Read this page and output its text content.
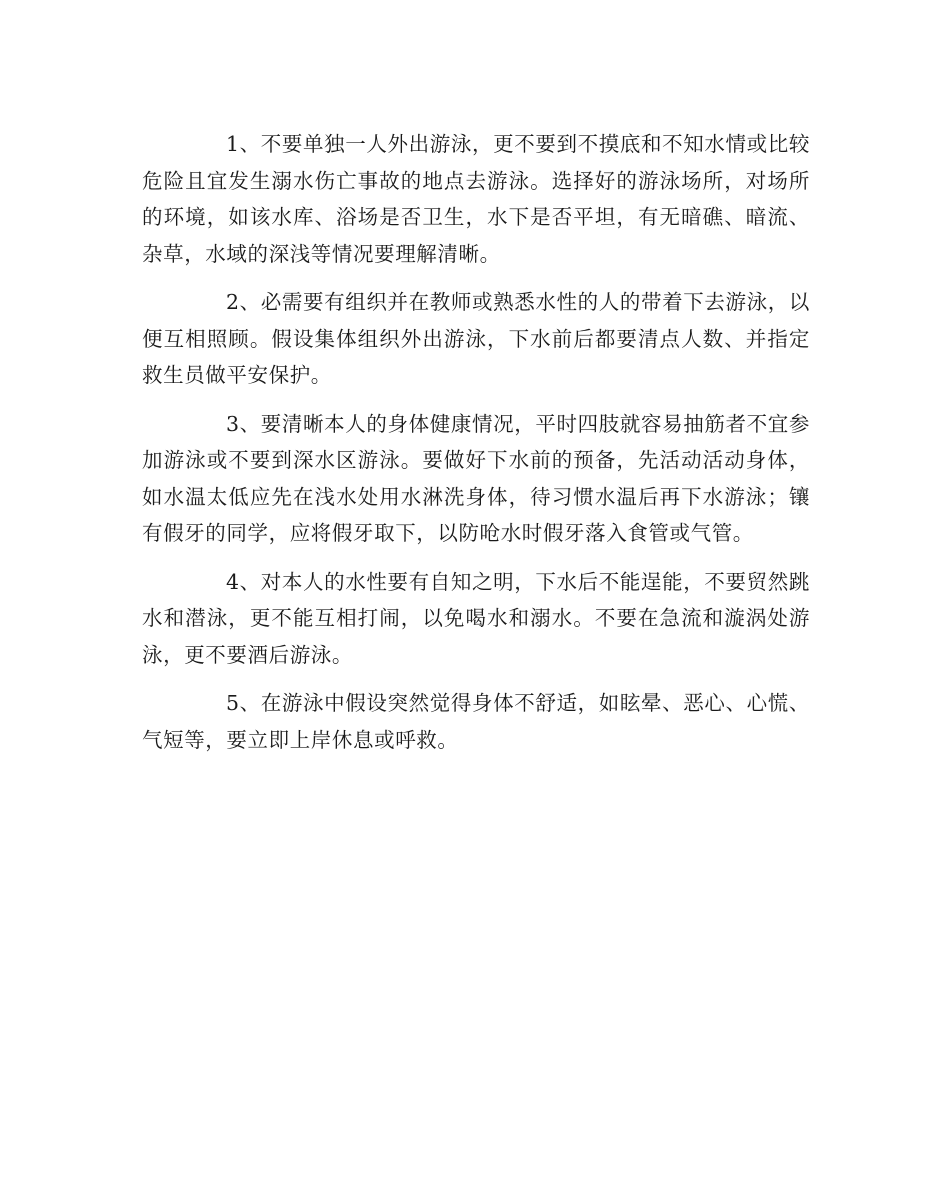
1、不要单独一人外出游泳，更不要到不摸底和不知水情或比较危险且宜发生溺水伤亡事故的地点去游泳。选择好的游泳场所，对场所的环境，如该水库、浴场是否卫生，水下是否平坦，有无暗礁、暗流、杂草，水域的深浅等情况要理解清晰。

2、必需要有组织并在教师或熟悉水性的人的带着下去游泳，以便互相照顾。假设集体组织外出游泳，下水前后都要清点人数、并指定救生员做平安保护。

3、要清晰本人的身体健康情况，平时四肢就容易抽筋者不宜参加游泳或不要到深水区游泳。要做好下水前的预备，先活动活动身体，如水温太低应先在浅水处用水淋洗身体，待习惯水温后再下水游泳；镶有假牙的同学，应将假牙取下，以防呛水时假牙落入食管或气管。

4、对本人的水性要有自知之明，下水后不能逞能，不要贸然跳水和潜泳，更不能互相打闹，以免喝水和溺水。不要在急流和漩涡处游泳，更不要酒后游泳。

5、在游泳中假设突然觉得身体不舒适，如眩晕、恶心、心慌、气短等，要立即上岸休息或呼救。
